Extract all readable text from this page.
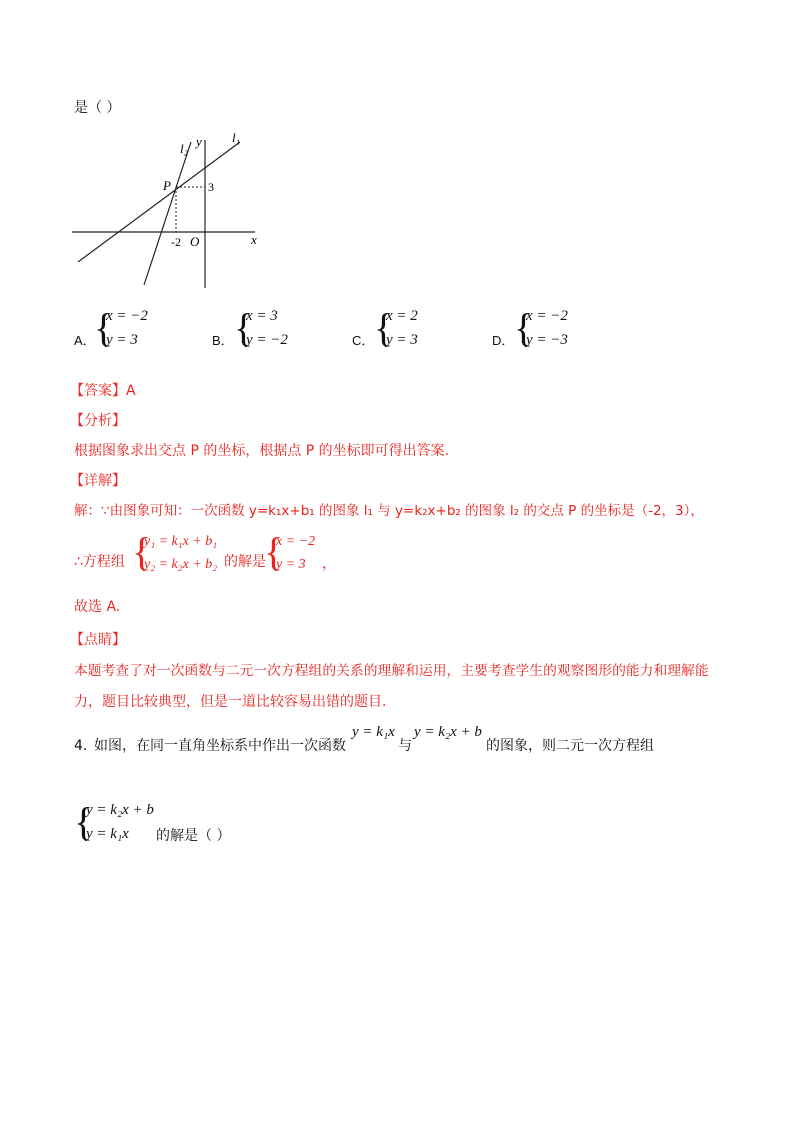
是（ ）
l₂ y l₁
P	3
-2 O	x
A．
{
x = −2
y = 3	B． {
x = 3
y = −2	C． {
x = 2
y = 3	D． {
x = −2
y = −3
【答案】A
【分析】
根据图象求出交点 P 的坐标，根据点 P 的坐标即可得出答案.
【详解】
解：∵由图象可知：一次函数 y=k₁x+b₁ 的图象 l₁ 与 y=k₂x+b₂ 的图象 l₂ 的交点 P 的坐标是（-2，3），
∴方程组 {
y₁ = k₁x + b₁
y₂ = k₂x + b₂ 的解是
{
x = −2
y = 3 ，
故选 A.
【点睛】
本题考查了对一次函数与二元一次方程组的关系的理解和运用，主要考查学生的观察图形的能力和理解能
力，题目比较典型，但是一道比较容易出错的题目.
4．
如图，在同一直角坐标系中作出一次函数
y = k₁x
与
y = k₂x + b
的图象，则二元一次方程组
{
y = k₂x + b
y = k₁x 的解是（ ）
